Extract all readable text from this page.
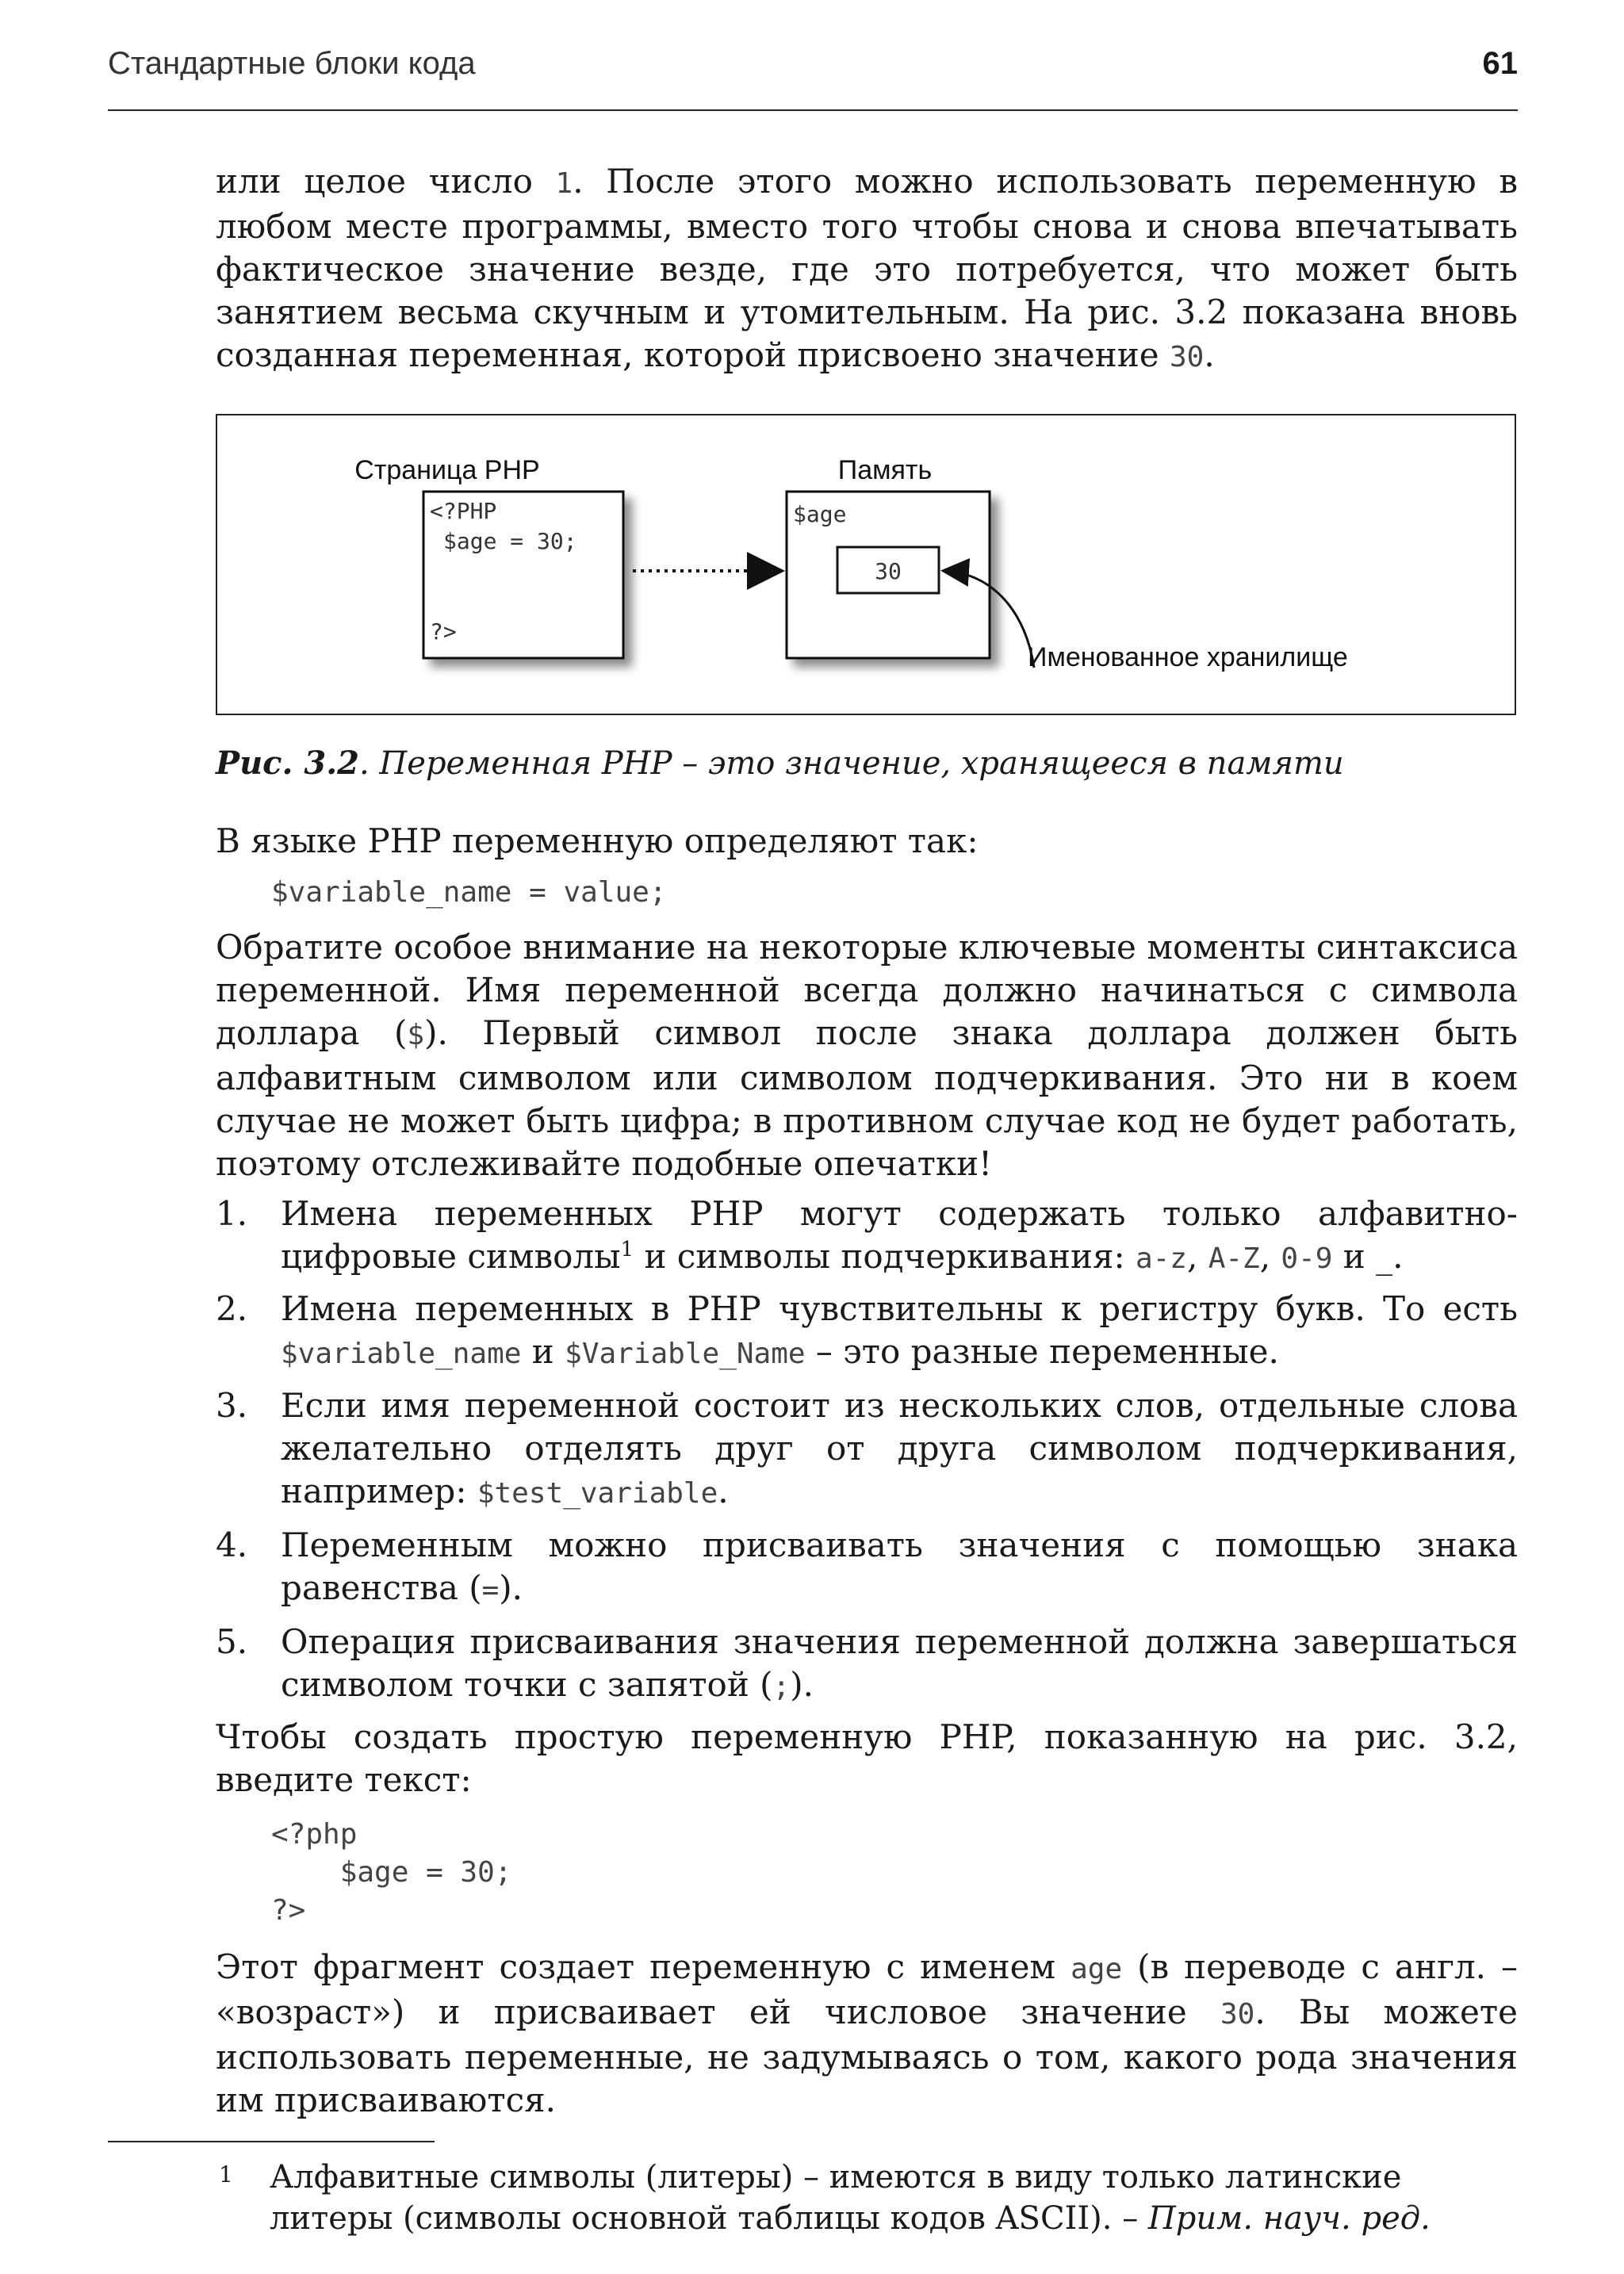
Стандартные блоки кода	61

или целое число 1. После этого можно использовать переменную в любом месте программы, вместо того чтобы снова и снова впечатывать фактическое значение везде, где это потребуется, что может быть занятием весьма скучным и утомительным. На рис. 3.2 показана вновь созданная переменная, которой присвоено значение 30.

Страница PHP
<?PHP
$age = 30;
?>
Память
$age
30
Именованное хранилище

Рис. 3.2. Переменная PHP – это значение, хранящееся в памяти

В языке PHP переменную определяют так:

$variable_name = value;

Обратите особое внимание на некоторые ключевые моменты синтаксиса переменной. Имя переменной всегда должно начинаться с символа доллара ($). Первый символ после знака доллара должен быть алфавитным символом или символом подчеркивания. Это ни в коем случае не может быть цифра; в противном случае код не будет работать, поэтому отслеживайте подобные опечатки!

1. Имена переменных PHP могут содержать только алфавитно-цифровые символы$^1$ и символы подчеркивания: a-z, A-Z, 0-9 и _.
2. Имена переменных в PHP чувствительны к регистру букв. То есть $variable_name и $Variable_Name – это разные переменные.
3. Если имя переменной состоит из нескольких слов, отдельные слова желательно отделять друг от друга символом подчеркивания, например: $test_variable.
4. Переменным можно присваивать значения с помощью знака равенства (=).
5. Операция присваивания значения переменной должна завершаться символом точки с запятой (;).

Чтобы создать простую переменную PHP, показанную на рис. 3.2, введите текст:

<?php
$age = 30;
?>

Этот фрагмент создает переменную с именем age (в переводе с англ. – «возраст») и присваивает ей числовое значение 30. Вы можете использовать переменные, не задумываясь о том, какого рода значения им присваиваются.

1 Алфавитные символы (литеры) – имеются в виду только латинские литеры (символы основной таблицы кодов ASCII). – Прим. науч. ред.
